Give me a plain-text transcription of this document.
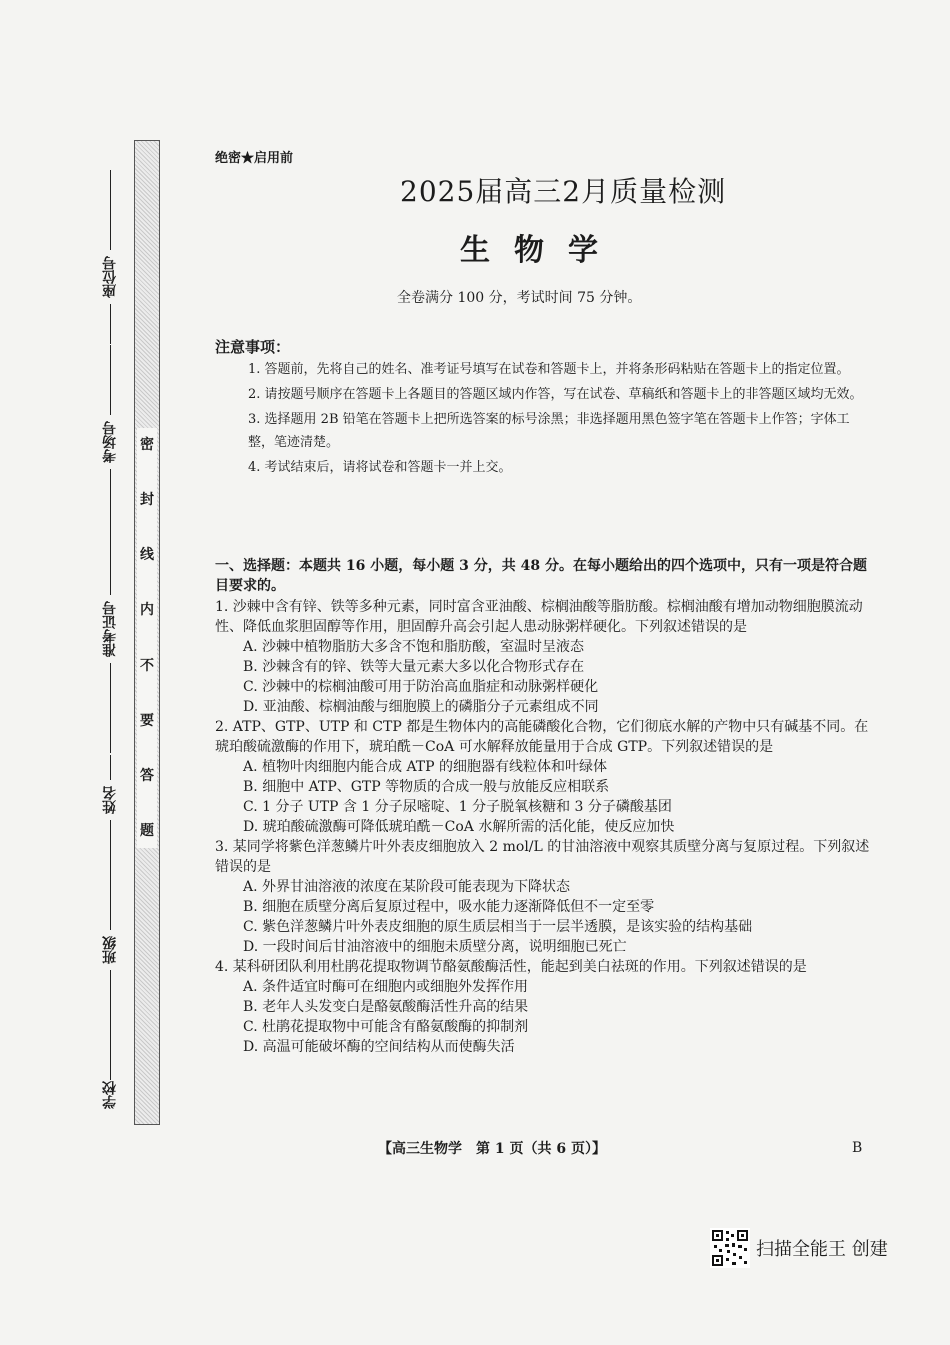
座位号
考场号
准考证号
姓名
班级
学校
密
封
线
内
不
要
答
题
绝密★启用前
2025届高三2月质量检测
生物学
全卷满分 100 分，考试时间 75 分钟。
注意事项：

1. 答题前，先将自己的姓名、准考证号填写在试卷和答题卡上，并将条形码粘贴在答题卡上的指定位置。

2. 请按题号顺序在答题卡上各题目的答题区域内作答，写在试卷、草稿纸和答题卡上的非答题区域均无效。

3. 选择题用 2B 铅笔在答题卡上把所选答案的标号涂黑；非选择题用黑色签字笔在答题卡上作答；字体工整，笔迹清楚。

4. 考试结束后，请将试卷和答题卡一并上交。

一、选择题：本题共 16 小题，每小题 3 分，共 48 分。在每小题给出的四个选项中，只有一项是符合题目要求的。

1. 沙棘中含有锌、铁等多种元素，同时富含亚油酸、棕榈油酸等脂肪酸。棕榈油酸有增加动物细胞膜流动性、降低血浆胆固醇等作用，胆固醇升高会引起人患动脉粥样硬化。下列叙述错误的是

A. 沙棘中植物脂肪大多含不饱和脂肪酸，室温时呈液态

B. 沙棘含有的锌、铁等大量元素大多以化合物形式存在

C. 沙棘中的棕榈油酸可用于防治高血脂症和动脉粥样硬化

D. 亚油酸、棕榈油酸与细胞膜上的磷脂分子元素组成不同

2. ATP、GTP、UTP 和 CTP 都是生物体内的高能磷酸化合物，它们彻底水解的产物中只有碱基不同。在琥珀酸硫激酶的作用下，琥珀酰－CoA 可水解释放能量用于合成 GTP。下列叙述错误的是

A. 植物叶肉细胞内能合成 ATP 的细胞器有线粒体和叶绿体

B. 细胞中 ATP、GTP 等物质的合成一般与放能反应相联系

C. 1 分子 UTP 含 1 分子尿嘧啶、1 分子脱氧核糖和 3 分子磷酸基团

D. 琥珀酸硫激酶可降低琥珀酰－CoA 水解所需的活化能，使反应加快

3. 某同学将紫色洋葱鳞片叶外表皮细胞放入 2 mol/L 的甘油溶液中观察其质壁分离与复原过程。下列叙述错误的是

A. 外界甘油溶液的浓度在某阶段可能表现为下降状态

B. 细胞在质壁分离后复原过程中，吸水能力逐渐降低但不一定至零

C. 紫色洋葱鳞片叶外表皮细胞的原生质层相当于一层半透膜，是该实验的结构基础

D. 一段时间后甘油溶液中的细胞未质壁分离，说明细胞已死亡

4. 某科研团队利用杜鹃花提取物调节酪氨酸酶活性，能起到美白祛斑的作用。下列叙述错误的是

A. 条件适宜时酶可在细胞内或细胞外发挥作用

B. 老年人头发变白是酪氨酸酶活性升高的结果

C. 杜鹃花提取物中可能含有酪氨酸酶的抑制剂

D. 高温可能破坏酶的空间结构从而使酶失活

【高三生物学　第 1 页（共 6 页）】	B
扫描全能王 创建
